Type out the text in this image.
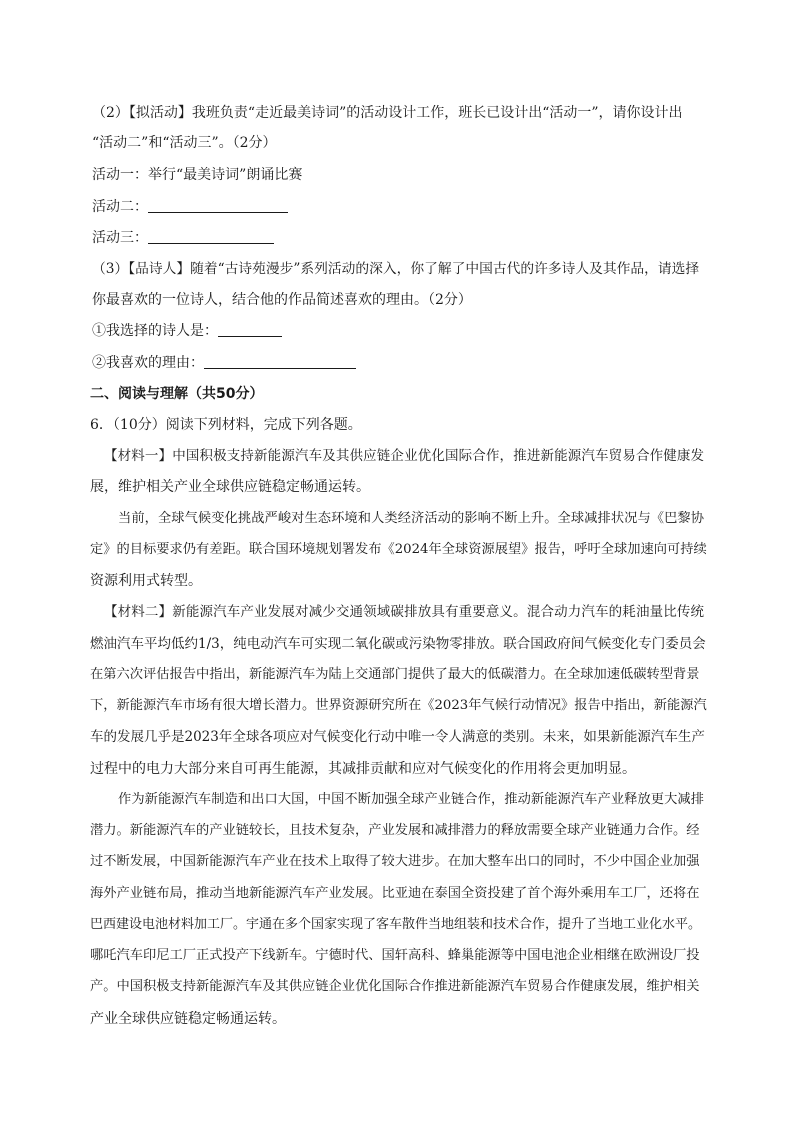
（2）【拟活动】我班负责“走近最美诗词”的活动设计工作，班长已设计出“活动一”，请你设计出
“活动二”和“活动三”。（2分）
活动一：举行“最美诗词”朗诵比赛
活动二：
活动三：
（3）【品诗人】随着“古诗苑漫步”系列活动的深入，你了解了中国古代的许多诗人及其作品，请选择
你最喜欢的一位诗人，结合他的作品简述喜欢的理由。（2分）
①我选择的诗人是：
②我喜欢的理由：
二、阅读与理解（共50分）
6．（10分）阅读下列材料，完成下列各题。
【材料一】中国积极支持新能源汽车及其供应链企业优化国际合作，推进新能源汽车贸易合作健康发
展，维护相关产业全球供应链稳定畅通运转。
当前，全球气候变化挑战严峻对生态环境和人类经济活动的影响不断上升。全球减排状况与《巴黎协
定》的目标要求仍有差距。联合国环境规划署发布《2024年全球资源展望》报告，呼吁全球加速向可持续
资源利用式转型。
【材料二】新能源汽车产业发展对减少交通领域碳排放具有重要意义。混合动力汽车的耗油量比传统
燃油汽车平均低约1/3，纯电动汽车可实现二氧化碳或污染物零排放。联合国政府间气候变化专门委员会
在第六次评估报告中指出，新能源汽车为陆上交通部门提供了最大的低碳潜力。在全球加速低碳转型背景
下，新能源汽车市场有很大增长潜力。世界资源研究所在《2023年气候行动情况》报告中指出，新能源汽
车的发展几乎是2023年全球各项应对气候变化行动中唯一令人满意的类别。未来，如果新能源汽车生产
过程中的电力大部分来自可再生能源，其减排贡献和应对气候变化的作用将会更加明显。
作为新能源汽车制造和出口大国，中国不断加强全球产业链合作，推动新能源汽车产业释放更大减排
潜力。新能源汽车的产业链较长，且技术复杂，产业发展和减排潜力的释放需要全球产业链通力合作。经
过不断发展，中国新能源汽车产业在技术上取得了较大进步。在加大整车出口的同时，不少中国企业加强
海外产业链布局，推动当地新能源汽车产业发展。比亚迪在泰国全资投建了首个海外乘用车工厂，还将在
巴西建设电池材料加工厂。宇通在多个国家实现了客车散件当地组装和技术合作，提升了当地工业化水平。
哪吒汽车印尼工厂正式投产下线新车。宁德时代、国轩高科、蜂巢能源等中国电池企业相继在欧洲设厂投
产。中国积极支持新能源汽车及其供应链企业优化国际合作推进新能源汽车贸易合作健康发展，维护相关
产业全球供应链稳定畅通运转。
